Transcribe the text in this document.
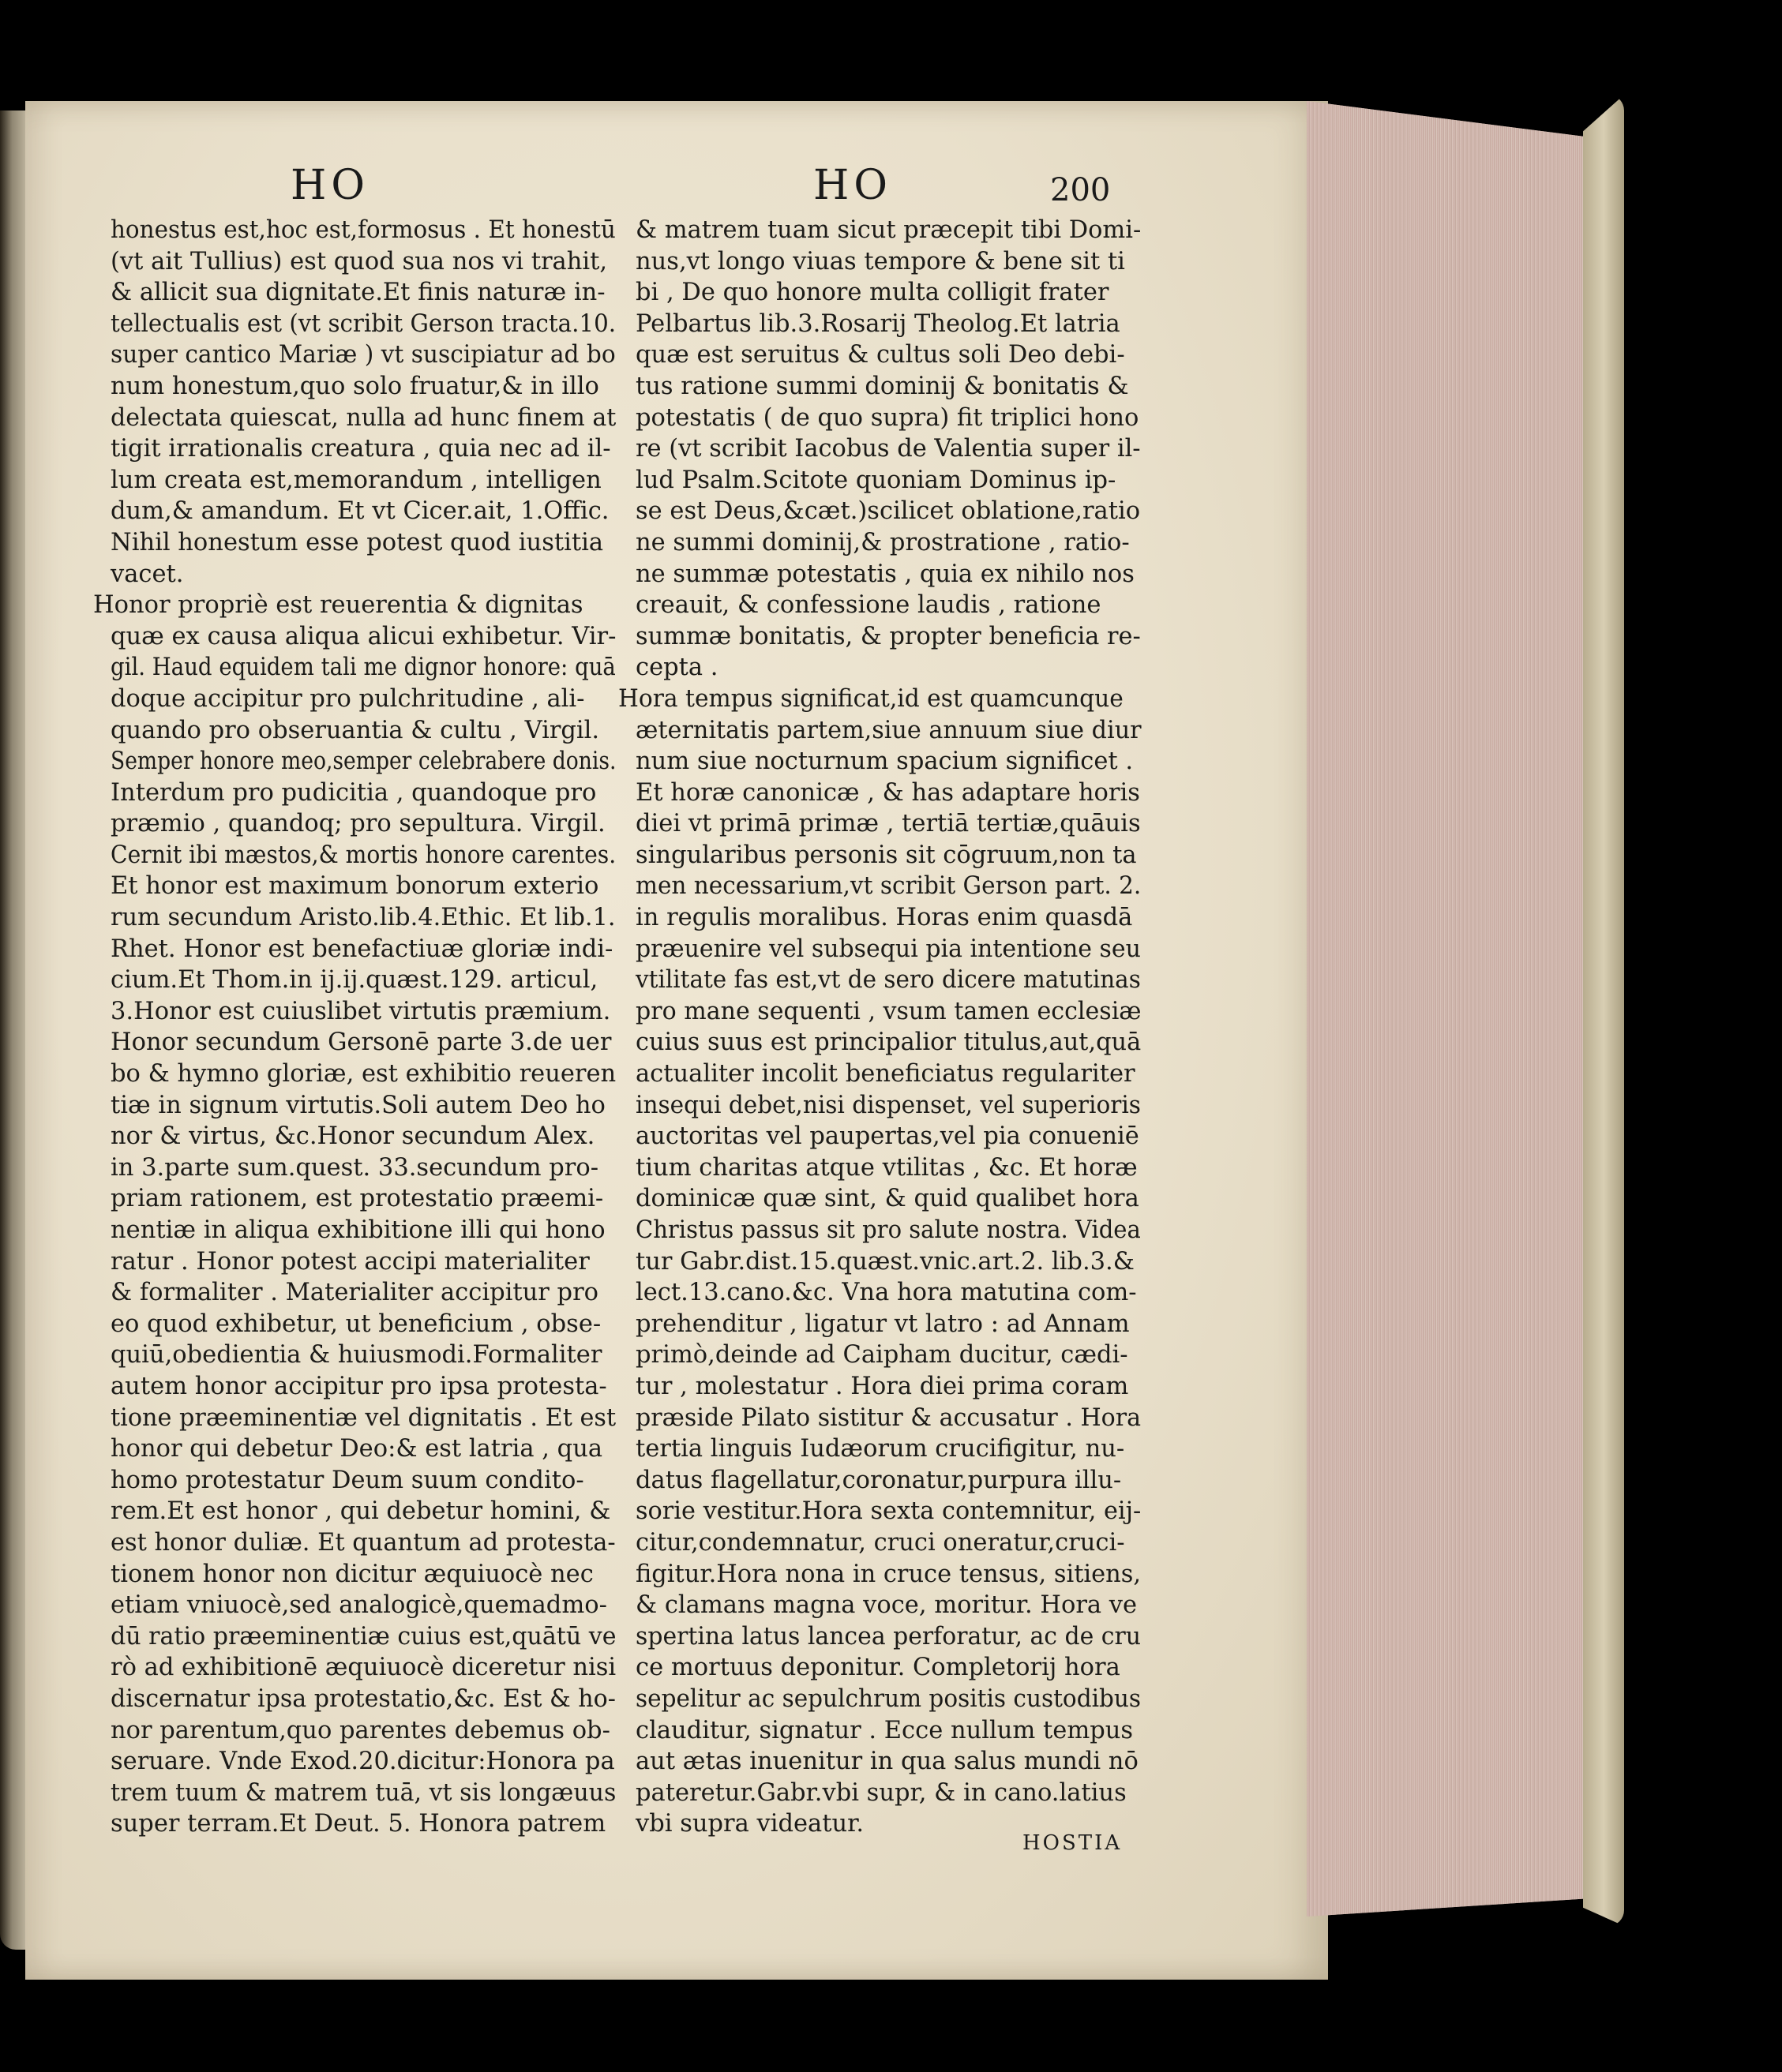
HO	HO	200
honestus est,hoc est,formosus . Et honestū
(vt ait Tullius) est quod sua nos vi trahit,
& allicit sua dignitate.Et finis naturæ in-
tellectualis est (vt scribit Gerson tracta.10.
super cantico Mariæ ) vt suscipiatur ad bo
num honestum,quo solo fruatur,& in illo
delectata quiescat, nulla ad hunc finem at
tigit irrationalis creatura , quia nec ad il-
lum creata est,memorandum , intelligen
dum,& amandum. Et vt Cicer.ait, 1.Offic.
Nihil honestum esse potest quod iustitia
vacet.
Honor propriè est reuerentia & dignitas
quæ ex causa aliqua alicui exhibetur. Vir-
gil. Haud equidem tali me dignor honore: quā
doque accipitur pro pulchritudine , ali-
quando pro obseruantia & cultu , Virgil.
Semper honore meo,semper celebrabere donis.
Interdum pro pudicitia , quandoque pro
præmio , quandoq; pro sepultura. Virgil.
Cernit ibi mæstos,& mortis honore carentes.
Et honor est maximum bonorum exterio
rum secundum Aristo.lib.4.Ethic. Et lib.1.
Rhet. Honor est benefactiuæ gloriæ indi-
cium.Et Thom.in ij.ij.quæst.129. articul,
3.Honor est cuiuslibet virtutis præmium.
Honor secundum Gersonē parte 3.de uer
bo & hymno gloriæ, est exhibitio reueren
tiæ in signum virtutis.Soli autem Deo ho
nor & virtus, &c.Honor secundum Alex.
in 3.parte sum.quest. 33.secundum pro-
priam rationem, est protestatio præemi-
nentiæ in aliqua exhibitione illi qui hono
ratur . Honor potest accipi materialiter
& formaliter . Materialiter accipitur pro
eo quod exhibetur, ut beneficium , obse-
quiū,obedientia & huiusmodi.Formaliter
autem honor accipitur pro ipsa protesta-
tione præeminentiæ vel dignitatis . Et est
honor qui debetur Deo:& est latria , qua
homo protestatur Deum suum condito-
rem.Et est honor , qui debetur homini, &
est honor duliæ. Et quantum ad protesta-
tionem honor non dicitur æquiuocè nec
etiam vniuocè,sed analogicè,quemadmo-
dū ratio præeminentiæ cuius est,quātū ve
rò ad exhibitionē æquiuocè diceretur nisi
discernatur ipsa protestatio,&c. Est & ho-
nor parentum,quo parentes debemus ob-
seruare. Vnde Exod.20.dicitur:Honora pa
trem tuum & matrem tuā, vt sis longæuus
super terram.Et Deut. 5. Honora patrem
& matrem tuam sicut præcepit tibi Domi-
nus,vt longo viuas tempore & bene sit ti
bi , De quo honore multa colligit frater
Pelbartus lib.3.Rosarij Theolog.Et latria
quæ est seruitus & cultus soli Deo debi-
tus ratione summi dominij & bonitatis &
potestatis ( de quo supra) fit triplici hono
re (vt scribit Iacobus de Valentia super il-
lud Psalm.Scitote quoniam Dominus ip-
se est Deus,&cæt.)scilicet oblatione,ratio
ne summi dominij,& prostratione , ratio-
ne summæ potestatis , quia ex nihilo nos
creauit, & confessione laudis , ratione
summæ bonitatis, & propter beneficia re-
cepta .
Hora tempus significat,id est quamcunque
æternitatis partem,siue annuum siue diur
num siue nocturnum spacium significet .
Et horæ canonicæ , & has adaptare horis
diei vt primā primæ , tertiā tertiæ,quāuis
singularibus personis sit cōgruum,non ta
men necessarium,vt scribit Gerson part. 2.
in regulis moralibus. Horas enim quasdā
præuenire vel subsequi pia intentione seu
vtilitate fas est,vt de sero dicere matutinas
pro mane sequenti , vsum tamen ecclesiæ
cuius suus est principalior titulus,aut,quā
actualiter incolit beneficiatus regulariter
insequi debet,nisi dispenset, vel superioris
auctoritas vel paupertas,vel pia conueniē
tium charitas atque vtilitas , &c. Et horæ
dominicæ quæ sint, & quid qualibet hora
Christus passus sit pro salute nostra. Videa
tur Gabr.dist.15.quæst.vnic.art.2. lib.3.&
lect.13.cano.&c. Vna hora matutina com-
prehenditur , ligatur vt latro : ad Annam
primò,deinde ad Caipham ducitur, cædi-
tur , molestatur . Hora diei prima coram
præside Pilato sistitur & accusatur . Hora
tertia linguis Iudæorum crucifigitur, nu-
datus flagellatur,coronatur,purpura illu-
sorie vestitur.Hora sexta contemnitur, eij-
citur,condemnatur, cruci oneratur,cruci-
figitur.Hora nona in cruce tensus, sitiens,
& clamans magna voce, moritur. Hora ve
spertina latus lancea perforatur, ac de cru
ce mortuus deponitur. Completorij hora
sepelitur ac sepulchrum positis custodibus
clauditur, signatur . Ecce nullum tempus
aut ætas inuenitur in qua salus mundi nō
pateretur.Gabr.vbi supr, & in cano.latius
vbi supra videatur.
HOSTIA
